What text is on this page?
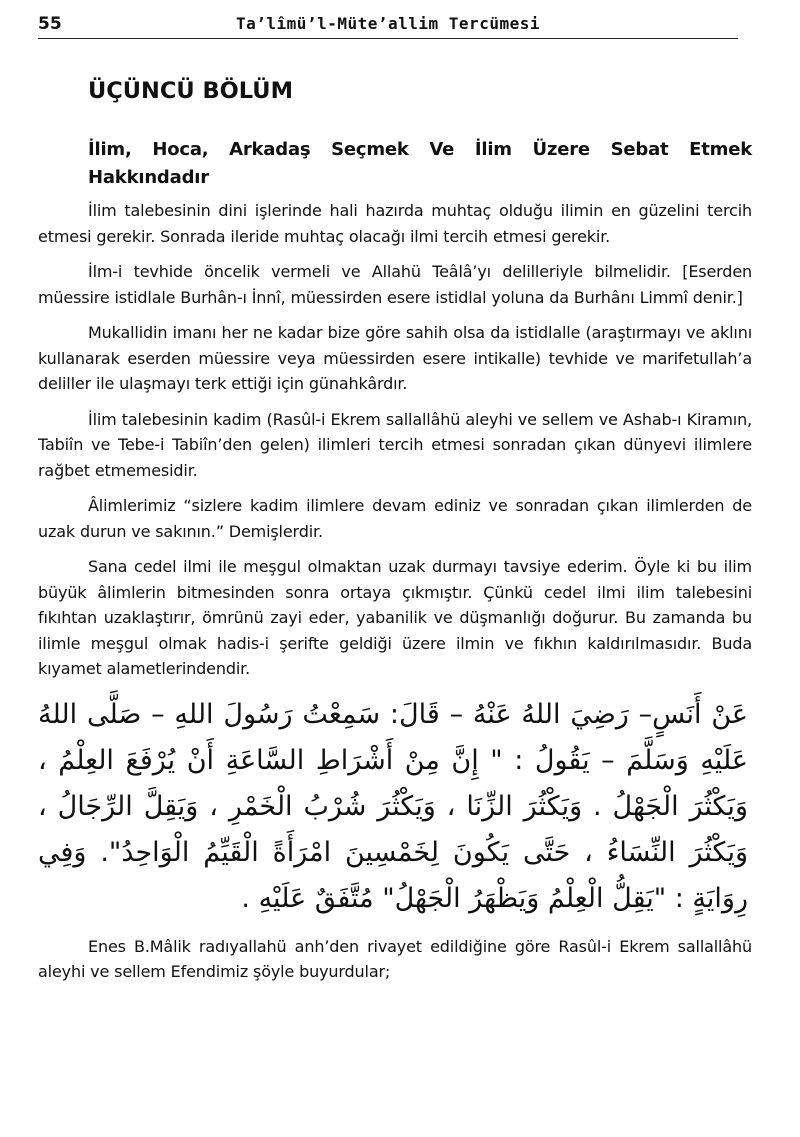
55	Ta’lîmü’l-Müte’allim Tercümesi
ÜÇÜNCÜ BÖLÜM
İlim, Hoca, Arkadaş Seçmek Ve İlim Üzere Sebat Etmek Hakkındadır

İlim talebesinin dini işlerinde hali hazırda muhtaç olduğu ilimin en güzelini tercih etmesi gerekir. Sonrada ileride muhtaç olacağı ilmi tercih etmesi gerekir.

İlm-i tevhide öncelik vermeli ve Allahü Teâlâ’yı delilleriyle bilmelidir. [Eserden müessire istidlale Burhân-ı İnnî, müessirden esere istidlal yoluna da Burhânı Limmî denir.]

Mukallidin imanı her ne kadar bize göre sahih olsa da istidlalle (araştırmayı ve aklını kullanarak eserden müessire veya müessirden esere intikalle) tevhide ve marifetullah’a deliller ile ulaşmayı terk ettiği için günahkârdır.

İlim talebesinin kadim (Rasûl-i Ekrem sallallâhü aleyhi ve sellem ve Ashab-ı Kiramın, Tabiîn ve Tebe-i Tabiîn’den gelen) ilimleri tercih etmesi sonradan çıkan dünyevi ilimlere rağbet etmemesidir.

Âlimlerimiz “sizlere kadim ilimlere devam ediniz ve sonradan çıkan ilimlerden de uzak durun ve sakının.” Demişlerdir.

Sana cedel ilmi ile meşgul olmaktan uzak durmayı tavsiye ederim. Öyle ki bu ilim büyük âlimlerin bitmesinden sonra ortaya çıkmıştır. Çünkü cedel ilmi ilim talebesini fıkıhtan uzaklaştırır, ömrünü zayi eder, yabanilik ve düşmanlığı doğurur. Bu zamanda bu ilimle meşgul olmak hadis-i şerifte geldiği üzere ilmin ve fıkhın kaldırılmasıdır. Buda kıyamet alametlerindendir.

عَنْ أَنَسٍ– رَضِيَ اللهُ عَنْهُ – قَالَ: سَمِعْتُ رَسُولَ اللهِ – صَلَّى اللهُ عَلَيْهِ وَسَلَّمَ – يَقُولُ : " إِنَّ مِنْ أَشْرَاطِ السَّاعَةِ أَنْ يُرْفَعَ العِلْمُ ، وَيَكْثُرَ الْجَهْلُ . وَيَكْثُرَ الزِّنَا ، وَيَكْثُرَ شُرْبُ الْخَمْرِ ، وَيَقِلَّ الرِّجَالُ ، وَيَكْثُرَ النِّسَاءُ ، حَتَّى يَكُونَ لِخَمْسِينَ امْرَأَةً الْقَيِّمُ الْوَاحِدُ". وَفِي رِوَايَةٍ : "يَقِلُّ الْعِلْمُ وَيَظْهَرُ الْجَهْلُ" مُتَّفَقٌ عَلَيْهِ .

Enes B.Mâlik radıyallahü anh’den rivayet edildiğine göre Rasûl-i Ekrem sallallâhü aleyhi ve sellem Efendimiz şöyle buyurdular;
